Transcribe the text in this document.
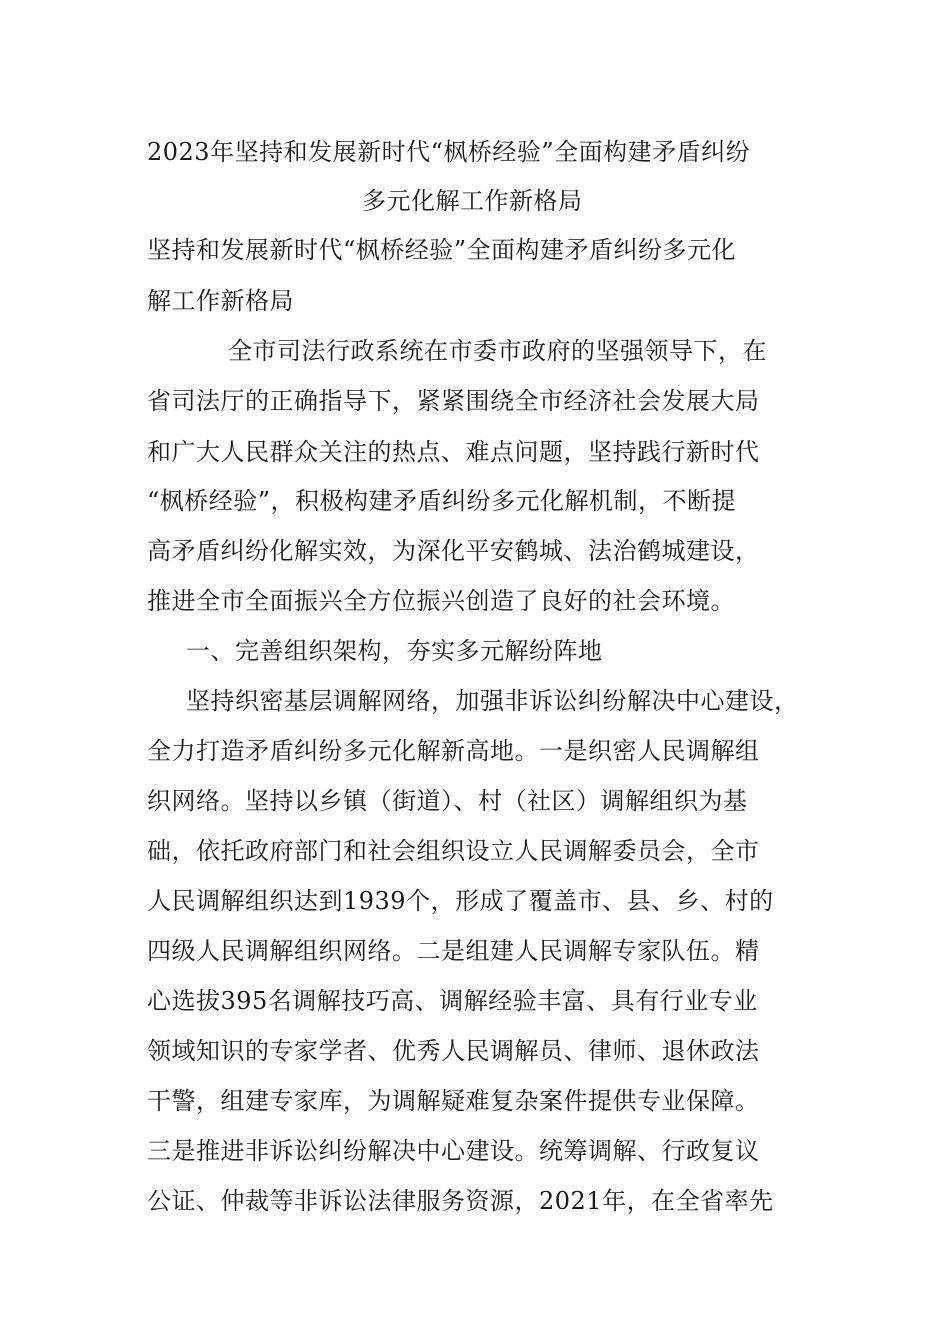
2023年坚持和发展新时代“枫桥经验”全面构建矛盾纠纷
多元化解工作新格局
坚持和发展新时代“枫桥经验”全面构建矛盾纠纷多元化
解工作新格局
全市司法行政系统在市委市政府的坚强领导下，在
省司法厅的正确指导下，紧紧围绕全市经济社会发展大局
和广大人民群众关注的热点、难点问题，坚持践行新时代
“枫桥经验”，积极构建矛盾纠纷多元化解机制，不断提
高矛盾纠纷化解实效，为深化平安鹤城、法治鹤城建设，
推进全市全面振兴全方位振兴创造了良好的社会环境。
一、完善组织架构，夯实多元解纷阵地
坚持织密基层调解网络，加强非诉讼纠纷解决中心建设，
全力打造矛盾纠纷多元化解新高地。一是织密人民调解组
织网络。坚持以乡镇（街道）、村（社区）调解组织为基
础，依托政府部门和社会组织设立人民调解委员会，全市
人民调解组织达到1939个，形成了覆盖市、县、乡、村的
四级人民调解组织网络。二是组建人民调解专家队伍。精
心选拔395名调解技巧高、调解经验丰富、具有行业专业
领域知识的专家学者、优秀人民调解员、律师、退休政法
干警，组建专家库，为调解疑难复杂案件提供专业保障。
三是推进非诉讼纠纷解决中心建设。统筹调解、行政复议
公证、仲裁等非诉讼法律服务资源，2021年，在全省率先
